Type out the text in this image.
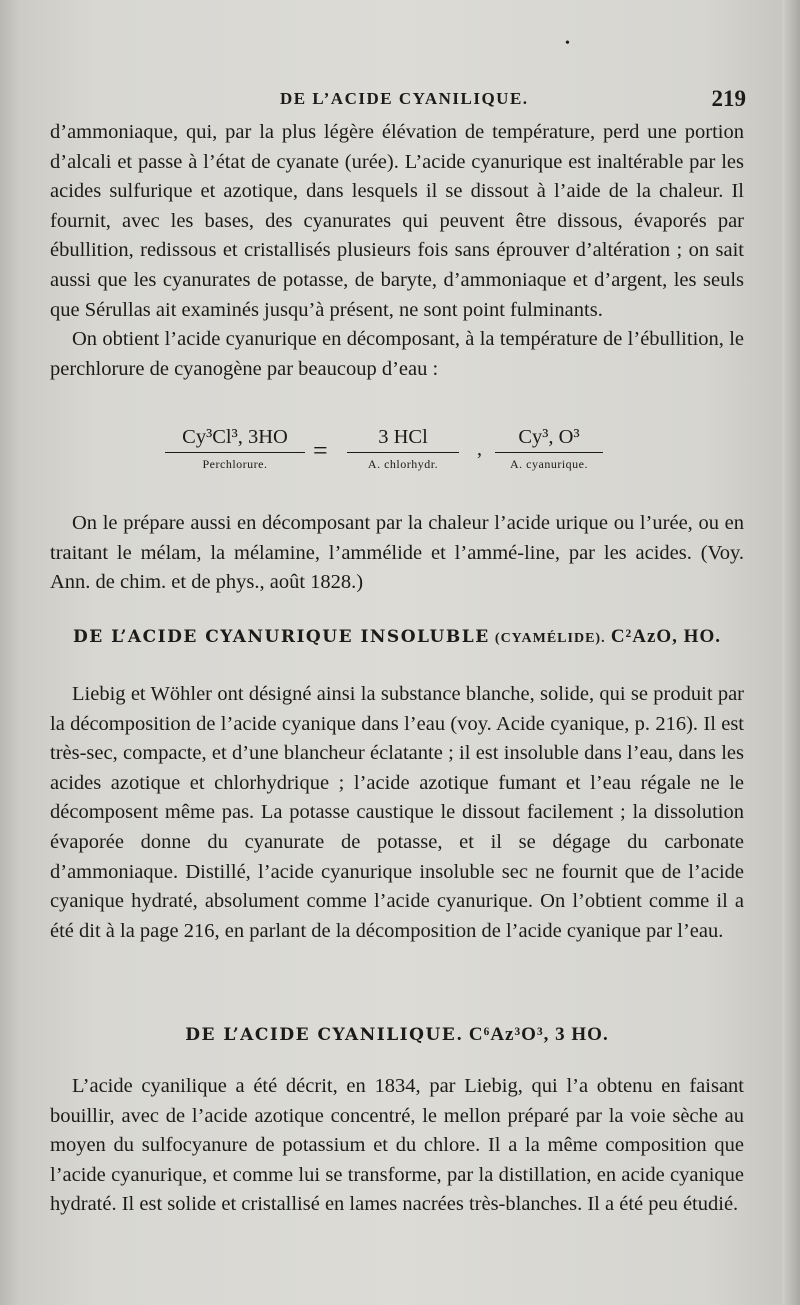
•
DE L’ACIDE CYANILIQUE.	219

d’ammoniaque, qui, par la plus légère élévation de température, perd une portion d’alcali et passe à l’état de cyanate (urée). L’acide cyanurique est inaltérable par les acides sulfurique et azotique, dans lesquels il se dissout à l’aide de la chaleur. Il fournit, avec les bases, des cyanurates qui peuvent être dissous, évaporés par ébullition, redissous et cristallisés plusieurs fois sans éprouver d’altération ; on sait aussi que les cyanurates de potasse, de baryte, d’ammoniaque et d’argent, les seuls que Sérullas ait examinés jusqu’à présent, ne sont point fulminants.

On obtient l’acide cyanurique en décomposant, à la température de l’ébullition, le perchlorure de cyanogène par beaucoup d’eau :

Cy³Cl³, 3HO
Perchlorure.	=	3 HCl
A. chlorhydr.
,
Cy³, O³
A. cyanurique.

On le prépare aussi en décomposant par la chaleur l’acide urique ou l’urée, ou en traitant le mélam, la mélamine, l’ammélide et l’ammé-line, par les acides. (Voy. Ann. de chim. et de phys., août 1828.)

DE L’ACIDE CYANURIQUE INSOLUBLE (CYAMÉLIDE). C²AzO, HO.

Liebig et Wöhler ont désigné ainsi la substance blanche, solide, qui se produit par la décomposition de l’acide cyanique dans l’eau (voy. Acide cyanique, p. 216). Il est très-sec, compacte, et d’une blancheur éclatante ; il est insoluble dans l’eau, dans les acides azotique et chlorhydrique ; l’acide azotique fumant et l’eau régale ne le décomposent même pas. La potasse caustique le dissout facilement ; la dissolution évaporée donne du cyanurate de potasse, et il se dégage du carbonate d’ammoniaque. Distillé, l’acide cyanurique insoluble sec ne fournit que de l’acide cyanique hydraté, absolument comme l’acide cyanurique. On l’obtient comme il a été dit à la page 216, en parlant de la décomposition de l’acide cyanique par l’eau.

DE L’ACIDE CYANILIQUE. C⁶Az³O³, 3 HO.

L’acide cyanilique a été décrit, en 1834, par Liebig, qui l’a obtenu en faisant bouillir, avec de l’acide azotique concentré, le mellon préparé par la voie sèche au moyen du sulfocyanure de potassium et du chlore. Il a la même composition que l’acide cyanurique, et comme lui se transforme, par la distillation, en acide cyanique hydraté. Il est solide et cristallisé en lames nacrées très-blanches. Il a été peu étudié.
